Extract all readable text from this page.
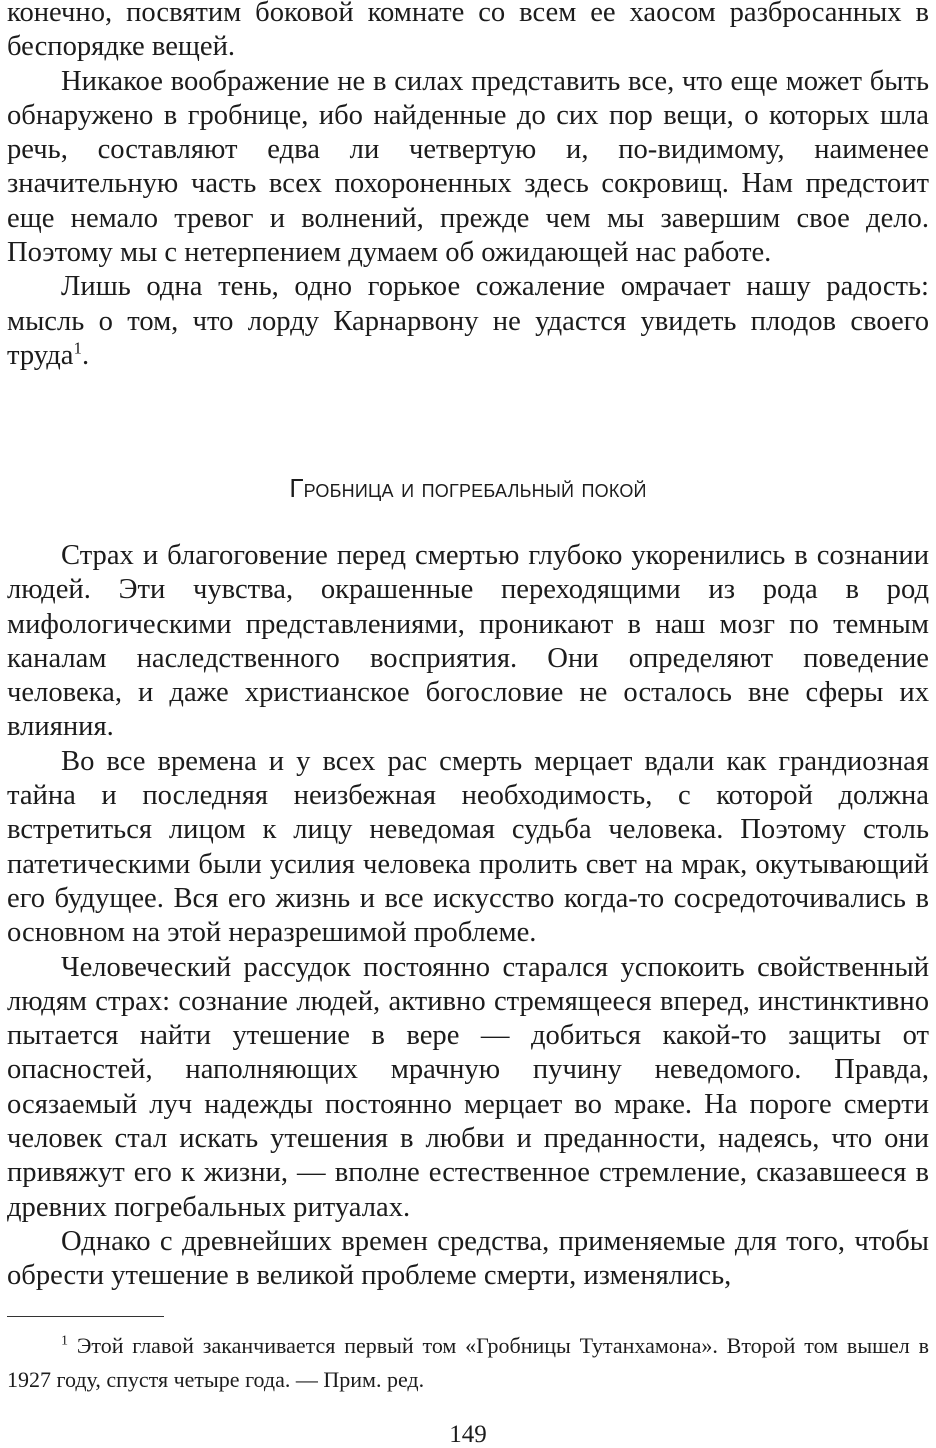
конечно, посвятим боковой комнате со всем ее хаосом разбросанных в беспорядке вещей.

Никакое воображение не в силах представить все, что еще может быть обнаружено в гробнице, ибо найденные до сих пор вещи, о которых шла речь, составляют едва ли четвертую и, по-видимому, наименее значительную часть всех похороненных здесь сокровищ. Нам предстоит еще немало тревог и волнений, прежде чем мы завершим свое дело. Поэтому мы с нетерпением думаем об ожидающей нас работе.

Лишь одна тень, одно горькое сожаление омрачает нашу радость: мысль о том, что лорду Карнарвону не удастся увидеть плодов своего труда$^1$.

Гробница и погребальный покой

Страх и благоговение перед смертью глубоко укоренились в сознании людей. Эти чувства, окрашенные переходящими из рода в род мифологическими представлениями, проникают в наш мозг по темным каналам наследственного восприятия. Они определяют поведение человека, и даже христианское богословие не осталось вне сферы их влияния.

Во все времена и у всех рас смерть мерцает вдали как грандиозная тайна и последняя неизбежная необходимость, с которой должна встретиться лицом к лицу неведомая судьба человека. Поэтому столь патетическими были усилия человека пролить свет на мрак, окутывающий его будущее. Вся его жизнь и все искусство когда-то сосредоточивались в основном на этой неразрешимой проблеме.

Человеческий рассудок постоянно старался успокоить свойственный людям страх: сознание людей, активно стремящееся вперед, инстинктивно пытается найти утешение в вере — добиться какой-то защиты от опасностей, наполняющих мрачную пучину неведомого. Правда, осязаемый луч надежды постоянно мерцает во мраке. На пороге смерти человек стал искать утешения в любви и преданности, надеясь, что они привяжут его к жизни, — вполне естественное стремление, сказавшееся в древних погребальных ритуалах.

Однако с древнейших времен средства, применяемые для того, чтобы обрести утешение в великой проблеме смерти, изменялись,

$^1$ Этой главой заканчивается первый том «Гробницы Тутанхамона». Второй том вышел в 1927 году, спустя четыре года. — Прим. ред.

149
